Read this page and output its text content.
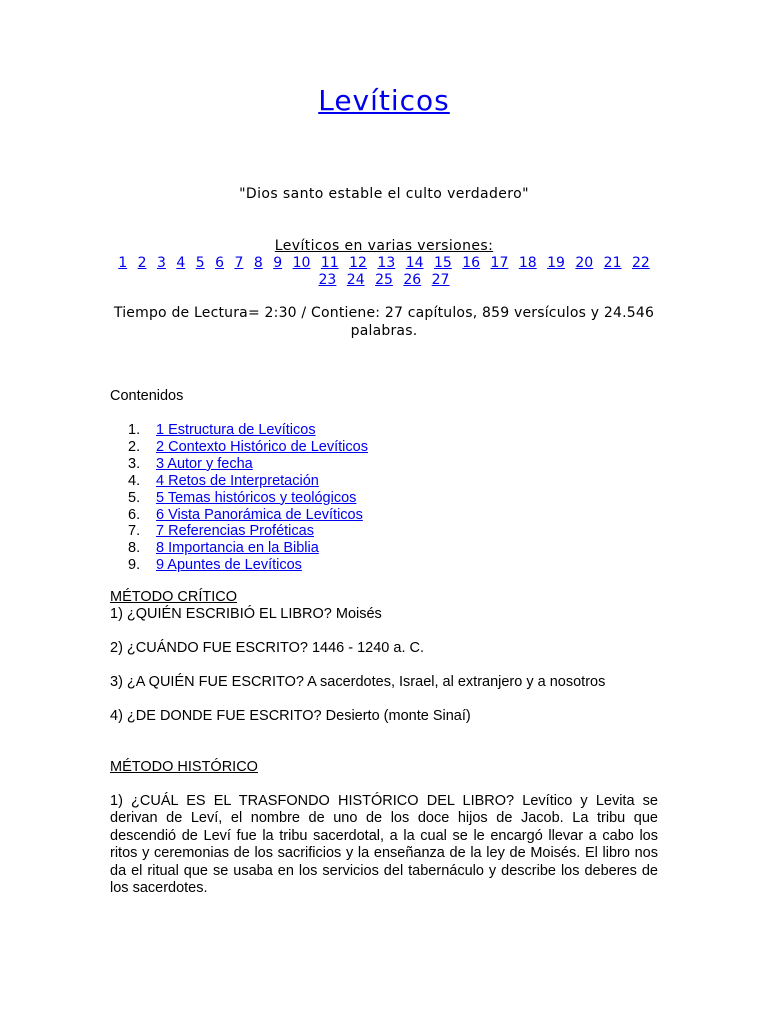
Levíticos
"Dios santo estable el culto verdadero"
Levíticos en varias versiones:
1 2 3 4 5 6 7 8 9 10 11 12 13 14 15 16 17 18 19 20 21 22 23 24 25 26 27
Tiempo de Lectura= 2:30 / Contiene: 27 capítulos, 859 versículos y 24.546 palabras.
Contenidos
1. 1 Estructura de Levíticos
2. 2 Contexto Histórico de Levíticos
3. 3 Autor y fecha
4. 4 Retos de Interpretación
5. 5 Temas históricos y teológicos
6. 6 Vista Panorámica de Levíticos
7. 7 Referencias Proféticas
8. 8 Importancia en la Biblia
9. 9 Apuntes de Levíticos
MÉTODO CRÍTICO
1) ¿QUIÉN ESCRIBIÓ EL LIBRO? Moisés
2) ¿CUÁNDO FUE ESCRITO? 1446 - 1240 a. C.
3) ¿A QUIÉN FUE ESCRITO? A sacerdotes, Israel, al extranjero y a nosotros
4) ¿DE DONDE FUE ESCRITO? Desierto (monte Sinaí)
MÉTODO HISTÓRICO
1) ¿CUÁL ES EL TRASFONDO HISTÓRICO DEL LIBRO? Levítico y Levita se derivan de Leví, el nombre de uno de los doce hijos de Jacob. La tribu que descendió de Leví fue la tribu sacerdotal, a la cual se le encargó llevar a cabo los ritos y ceremonias de los sacrificios y la enseñanza de la ley de Moisés. El libro nos da el ritual que se usaba en los servicios del tabernáculo y describe los deberes de los sacerdotes.
